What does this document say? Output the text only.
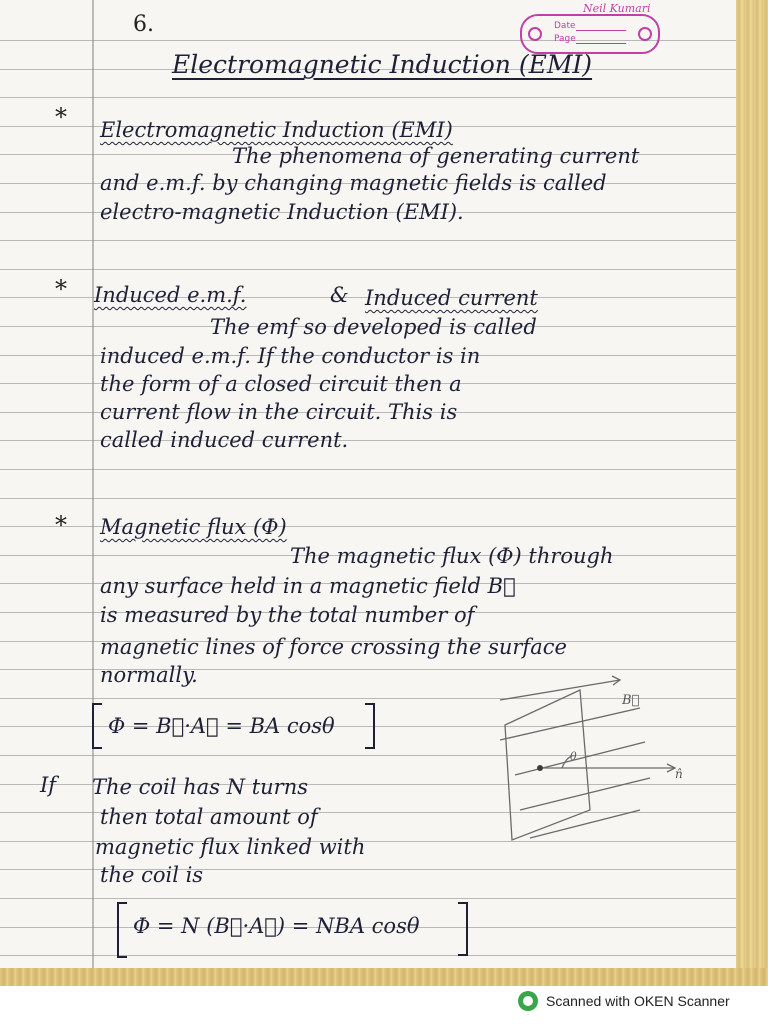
6.

Neil Kumari
Date
Page

Electromagnetic Induction (EMI)

* Electromagnetic Induction (EMI)

The phenomena of generating current

and e.m.f. by changing magnetic fields is called

electro-magnetic Induction (EMI).

* Induced e.m.f.	& Induced current

The emf so developed is called

induced e.m.f. If the conductor is in

the form of a closed circuit then a

current flow in the circuit. This is

called induced current.

* Magnetic flux (Φ)

The magnetic flux (Φ) through

any surface held in a magnetic field B⃗

is measured by the total number of

magnetic lines of force crossing the surface

normally.

Φ = B⃗·A⃗ = BA cosθ

B⃗
n̂
θ

If The coil has N turns

then total amount of

magnetic flux linked with

the coil is

Φ = N (B⃗·A⃗) = NBA cosθ

Scanned with OKEN Scanner
